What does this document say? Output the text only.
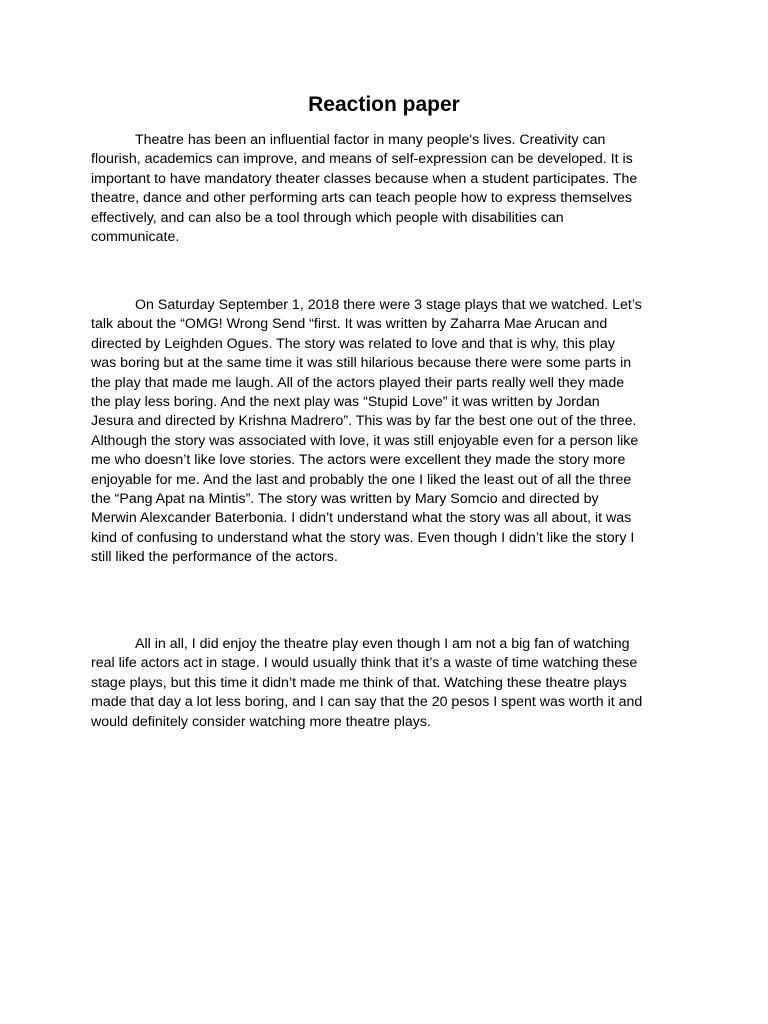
Reaction paper
Theatre has been an influential factor in many people's lives. Creativity can
flourish, academics can improve, and means of self-expression can be developed. It is
important to have mandatory theater classes because when a student participates. The
theatre, dance and other performing arts can teach people how to express themselves
effectively, and can also be a tool through which people with disabilities can
communicate.
On Saturday September 1, 2018 there were 3 stage plays that we watched. Let’s
talk about the “OMG! Wrong Send “first. It was written by Zaharra Mae Arucan and
directed by Leighden Ogues. The story was related to love and that is why, this play
was boring but at the same time it was still hilarious because there were some parts in
the play that made me laugh. All of the actors played their parts really well they made
the play less boring. And the next play was “Stupid Love” it was written by Jordan
Jesura and directed by Krishna Madrero”. This was by far the best one out of the three.
Although the story was associated with love, it was still enjoyable even for a person like
me who doesn’t like love stories. The actors were excellent they made the story more
enjoyable for me. And the last and probably the one I liked the least out of all the three
the “Pang Apat na Mintis”. The story was written by Mary Somcio and directed by
Merwin Alexcander Baterbonia. I didn’t understand what the story was all about, it was
kind of confusing to understand what the story was. Even though I didn’t like the story I
still liked the performance of the actors.
All in all, I did enjoy the theatre play even though I am not a big fan of watching
real life actors act in stage. I would usually think that it’s a waste of time watching these
stage plays, but this time it didn’t made me think of that. Watching these theatre plays
made that day a lot less boring, and I can say that the 20 pesos I spent was worth it and
would definitely consider watching more theatre plays.
